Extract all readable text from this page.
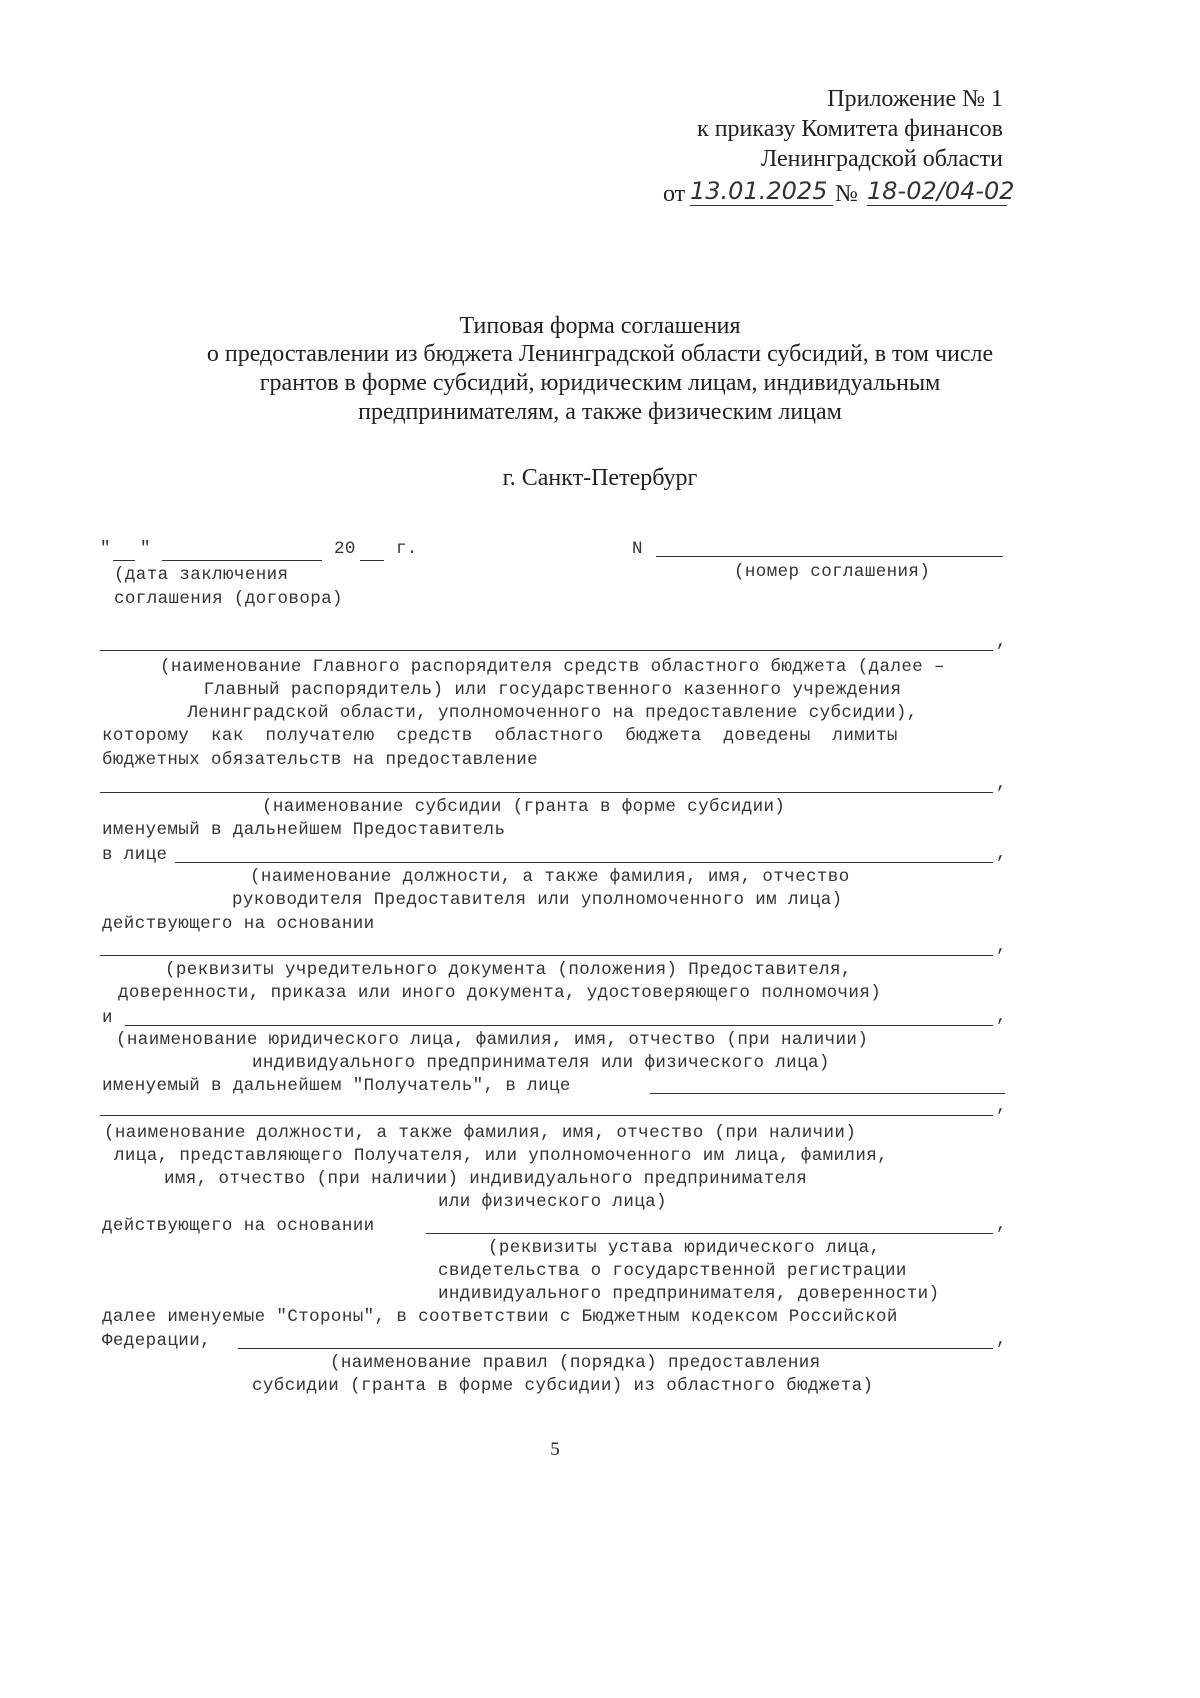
Приложение № 1
к приказу Комитета финансов
Ленинградской области
от 13.01.2025 № 18-02/04-02
Типовая форма соглашения
о предоставлении из бюджета Ленинградской области субсидий, в том числе
грантов в форме субсидий, юридическим лицам, индивидуальным
предпринимателям, а также физическим лицам
г. Санкт-Петербург
" "	20 г.	N
(дата заключения
соглашения (договора)
(номер соглашения)
,
(наименование Главного распорядителя средств областного бюджета (далее –
Главный распорядитель) или государственного казенного учреждения
Ленинградской области, уполномоченного на предоставление субсидии),
которому  как  получателю  средств  областного  бюджета  доведены  лимиты
бюджетных обязательств на предоставление
,
(наименование субсидии (гранта в форме субсидии)
именуемый в дальнейшем Предоставитель
в лице	,
(наименование должности, а также фамилия, имя, отчество
руководителя Предоставителя или уполномоченного им лица)
действующего на основании
,
(реквизиты учредительного документа (положения) Предоставителя,
доверенности, приказа или иного документа, удостоверяющего полномочия)
и	,
(наименование юридического лица, фамилия, имя, отчество (при наличии)
индивидуального предпринимателя или физического лица)
именуемый в дальнейшем "Получатель", в лице
,
(наименование должности, а также фамилия, имя, отчество (при наличии)
лица, представляющего Получателя, или уполномоченного им лица, фамилия,
имя, отчество (при наличии) индивидуального предпринимателя
или физического лица)
действующего на основании	,
(реквизиты устава юридического лица,
свидетельства о государственной регистрации
индивидуального предпринимателя, доверенности)
далее именуемые "Стороны", в соответствии с Бюджетным кодексом Российской
Федерации,	,
(наименование правил (порядка) предоставления
субсидии (гранта в форме субсидии) из областного бюджета)
5
